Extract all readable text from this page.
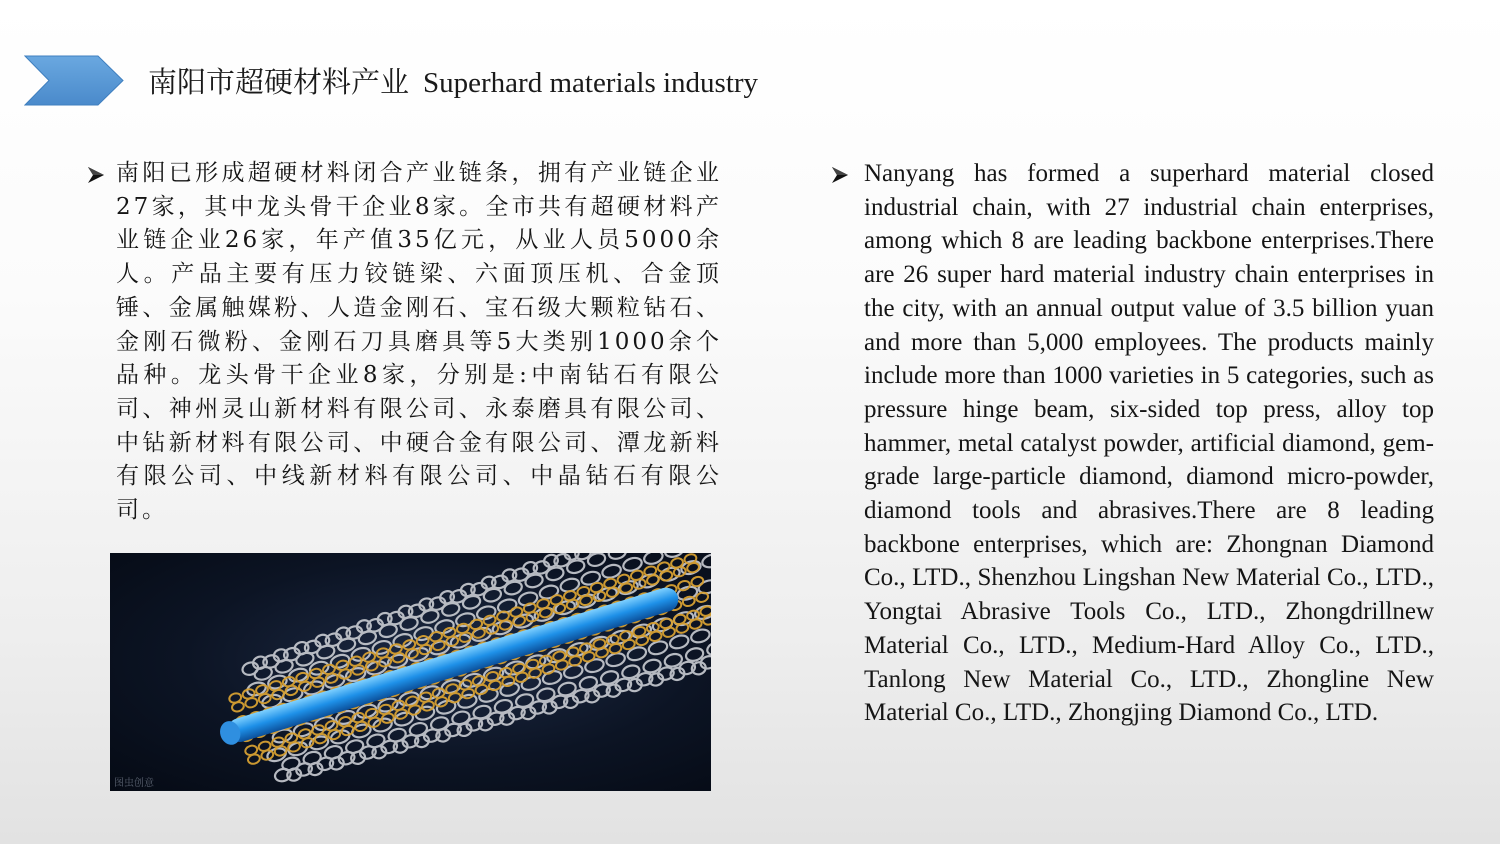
南阳市超硬材料产业 Superhard materials industry
南阳已形成超硬材料闭合产业链条，拥有产业链企业27家，其中龙头骨干企业8家。全市共有超硬材料产业链企业26家，年产值35亿元，从业人员5000余人。产品主要有压力铰链梁、六面顶压机、合金顶锤、金属触媒粉、人造金刚石、宝石级大颗粒钻石、金刚石微粉、金刚石刀具磨具等5大类别1000余个品种。龙头骨干企业8家，分别是:中南钻石有限公司、神州灵山新材料有限公司、永泰磨具有限公司、中钻新材料有限公司、中硬合金有限公司、潭龙新料有限公司、中线新材料有限公司、中晶钻石有限公司。
图虫创意
Nanyang has formed a superhard material closed industrial chain, with 27 industrial chain enterprises, among which 8 are leading backbone enterprises.There are 26 super hard material industry chain enterprises in the city, with an annual output value of 3.5 billion yuan and more than 5,000 employees. The products mainly include more than 1000 varieties in 5 categories, such as pressure hinge beam, six-sided top press, alloy top hammer, metal catalyst powder, artificial diamond, gem-grade large-particle diamond, diamond micro-powder, diamond tools and abrasives.There are 8 leading backbone enterprises, which are: Zhongnan Diamond Co., LTD., Shenzhou Lingshan New Material Co., LTD., Yongtai Abrasive Tools Co., LTD., Zhongdrillnew Material Co., LTD., Medium-Hard Alloy Co., LTD., Tanlong New Material Co., LTD., Zhongline New Material Co., LTD., Zhongjing Diamond Co., LTD.
